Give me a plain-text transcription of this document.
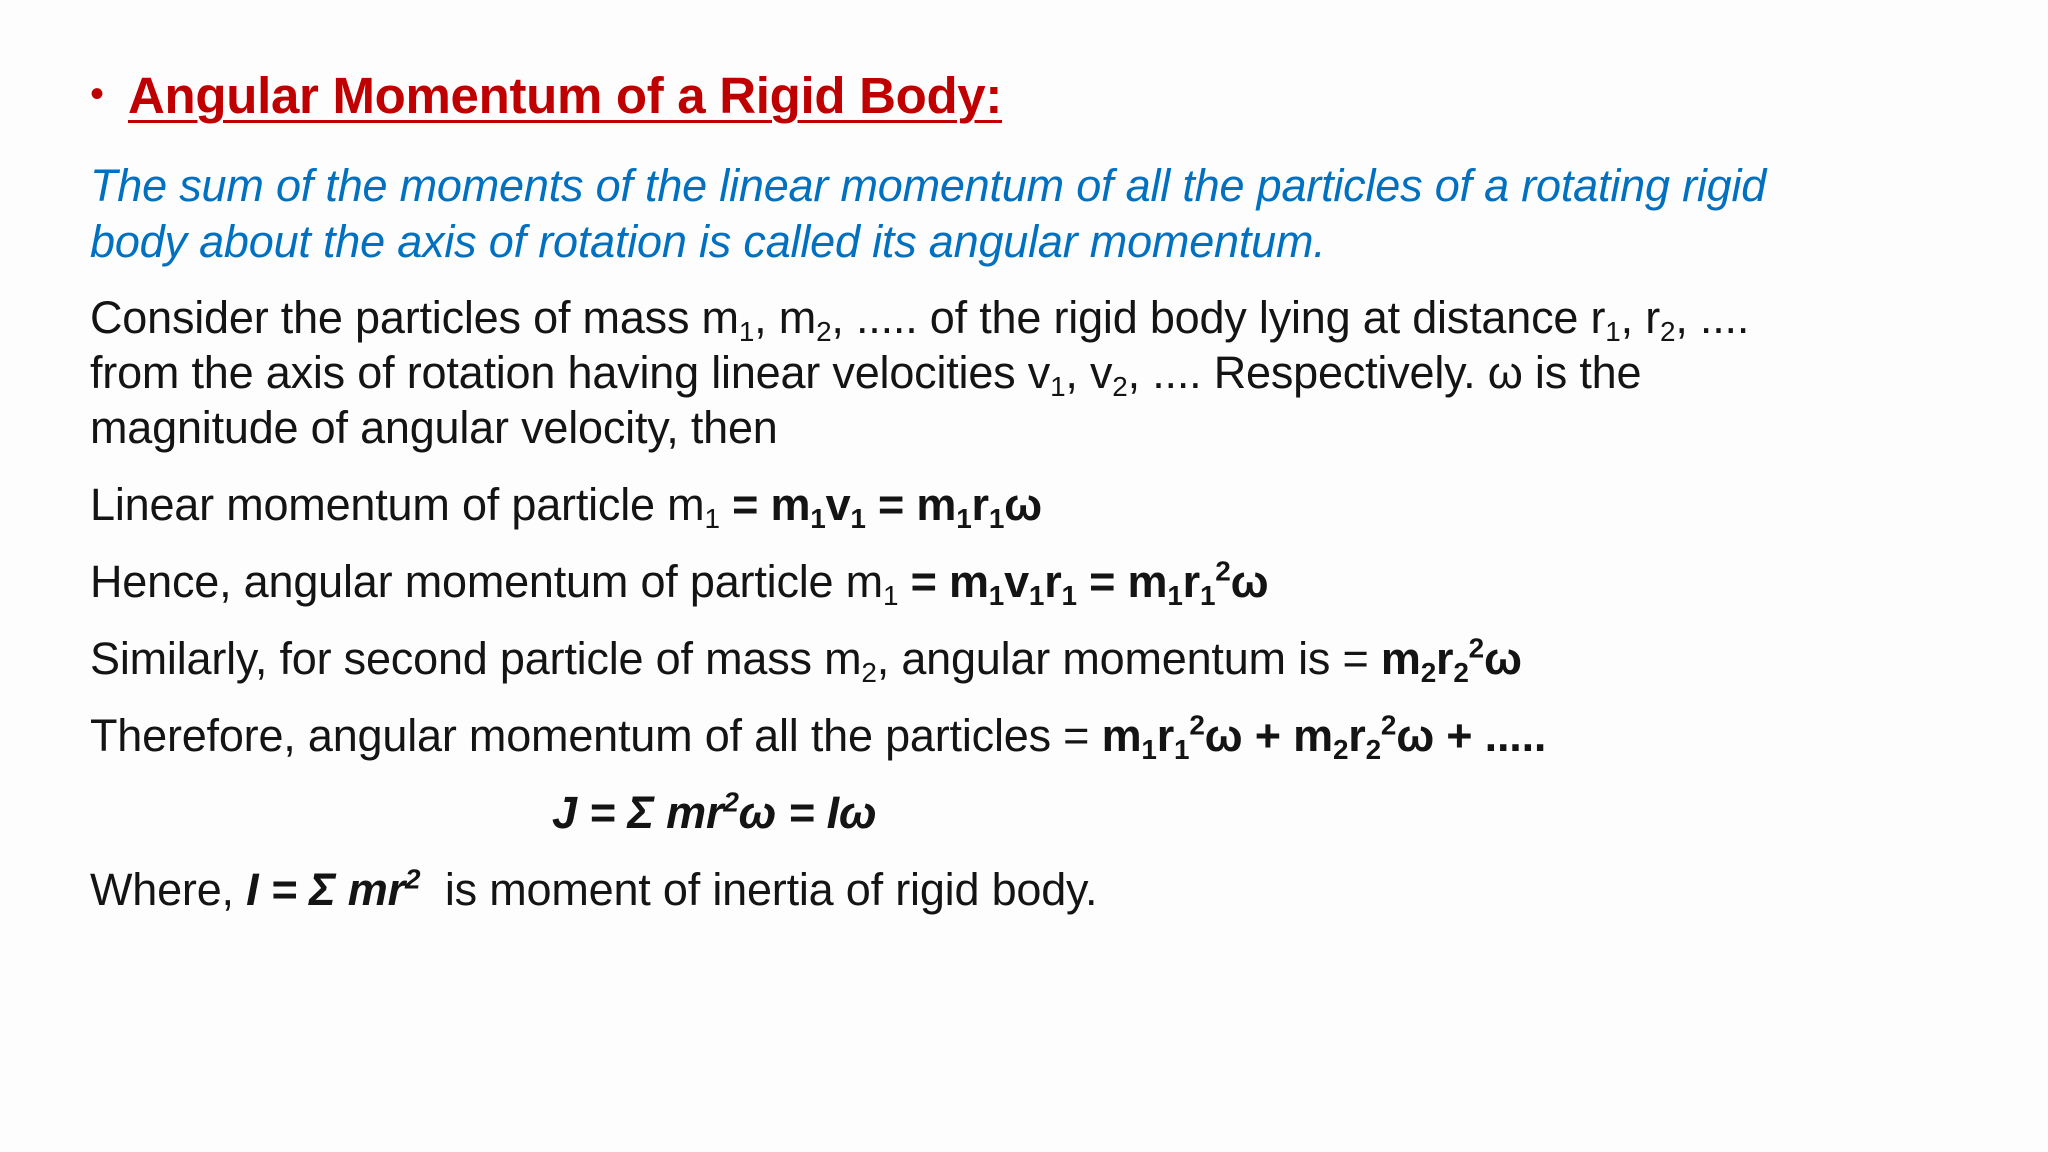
• Angular Momentum of a Rigid Body:
The sum of the moments of the linear momentum of all the particles of a rotating rigid
body about the axis of rotation is called its angular momentum.
Consider the particles of mass $m_1$, $m_2$, ..... of the rigid body lying at distance $r_1$, $r_2$, ....
from the axis of rotation having linear velocities $v_1$, $v_2$, .... Respectively. ω is the
magnitude of angular velocity, then
Linear momentum of particle $m_1 = m_1v_1 = m_1r_1\omega$
Hence, angular momentum of particle $m_1 = m_1v_1r_1 = m_1r_1^2\omega$
Similarly, for second particle of mass $m_2$, angular momentum is = $m_2r_2^2\omega$
Therefore, angular momentum of all the particles = $m_1r_1^2\omega + m_2r_2^2\omega$ + .....
J = Σ $mr^2\omega = I\omega$
Where, I = Σ $mr^2$  is moment of inertia of rigid body.
